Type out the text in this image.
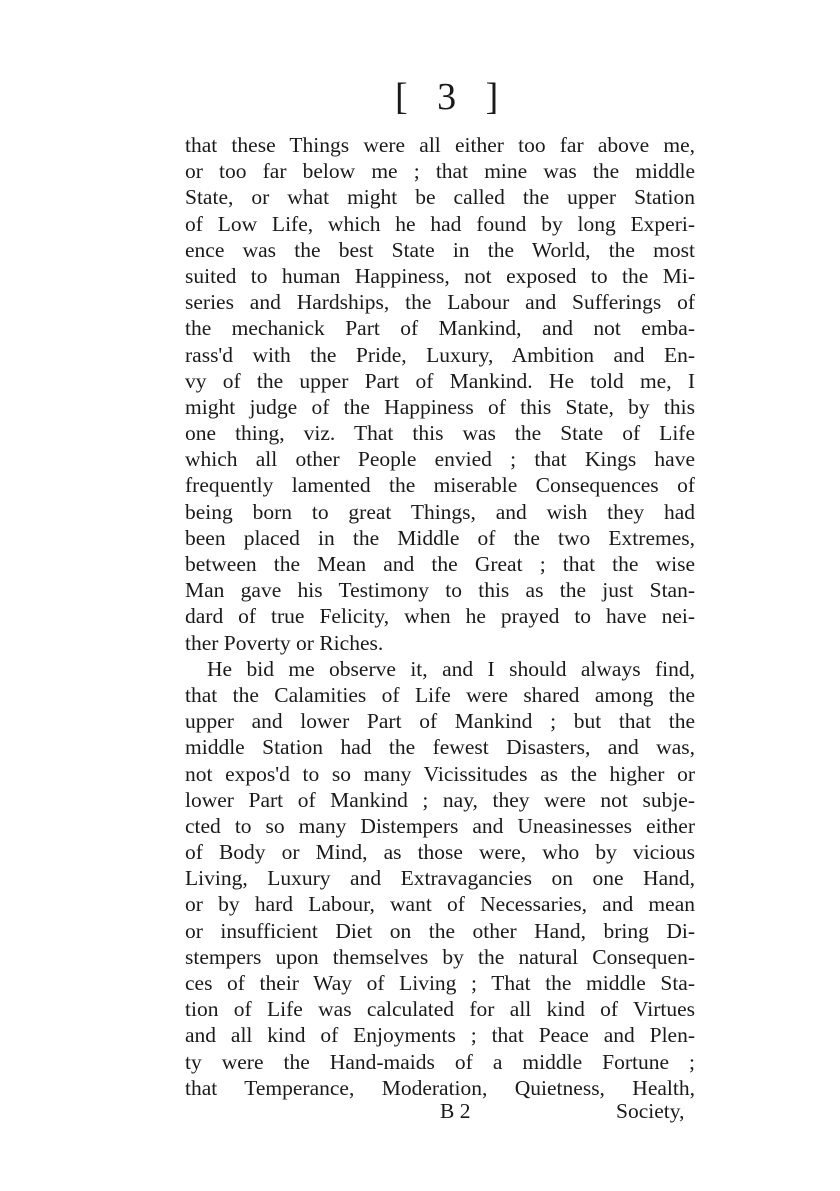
[ 3 ]
that these Things were all either too far above me,
or too far below me ; that mine was the middle
State, or what might be called the upper Station
of Low Life, which he had found by long Experi-
ence was the best State in the World, the most
suited to human Happiness, not exposed to the Mi-
series and Hardships, the Labour and Sufferings of
the mechanick Part of Mankind, and not emba-
rass'd with the Pride, Luxury, Ambition and En-
vy of the upper Part of Mankind. He told me, I
might judge of the Happiness of this State, by this
one thing, viz. That this was the State of Life
which all other People envied ; that Kings have
frequently lamented the miserable Consequences of
being born to great Things, and wish they had
been placed in the Middle of the two Extremes,
between the Mean and the Great ; that the wise
Man gave his Testimony to this as the just Stan-
dard of true Felicity, when he prayed to have nei-
ther Poverty or Riches.
He bid me observe it, and I should always find,
that the Calamities of Life were shared among the
upper and lower Part of Mankind ; but that the
middle Station had the fewest Disasters, and was,
not expos'd to so many Vicissitudes as the higher or
lower Part of Mankind ; nay, they were not subje-
cted to so many Distempers and Uneasinesses either
of Body or Mind, as those were, who by vicious
Living, Luxury and Extravagancies on one Hand,
or by hard Labour, want of Necessaries, and mean
or insufficient Diet on the other Hand, bring Di-
stempers upon themselves by the natural Consequen-
ces of their Way of Living ; That the middle Sta-
tion of Life was calculated for all kind of Virtues
and all kind of Enjoyments ; that Peace and Plen-
ty were the Hand-maids of a middle Fortune ;
that Temperance, Moderation, Quietness, Health,
B 2	Society,
